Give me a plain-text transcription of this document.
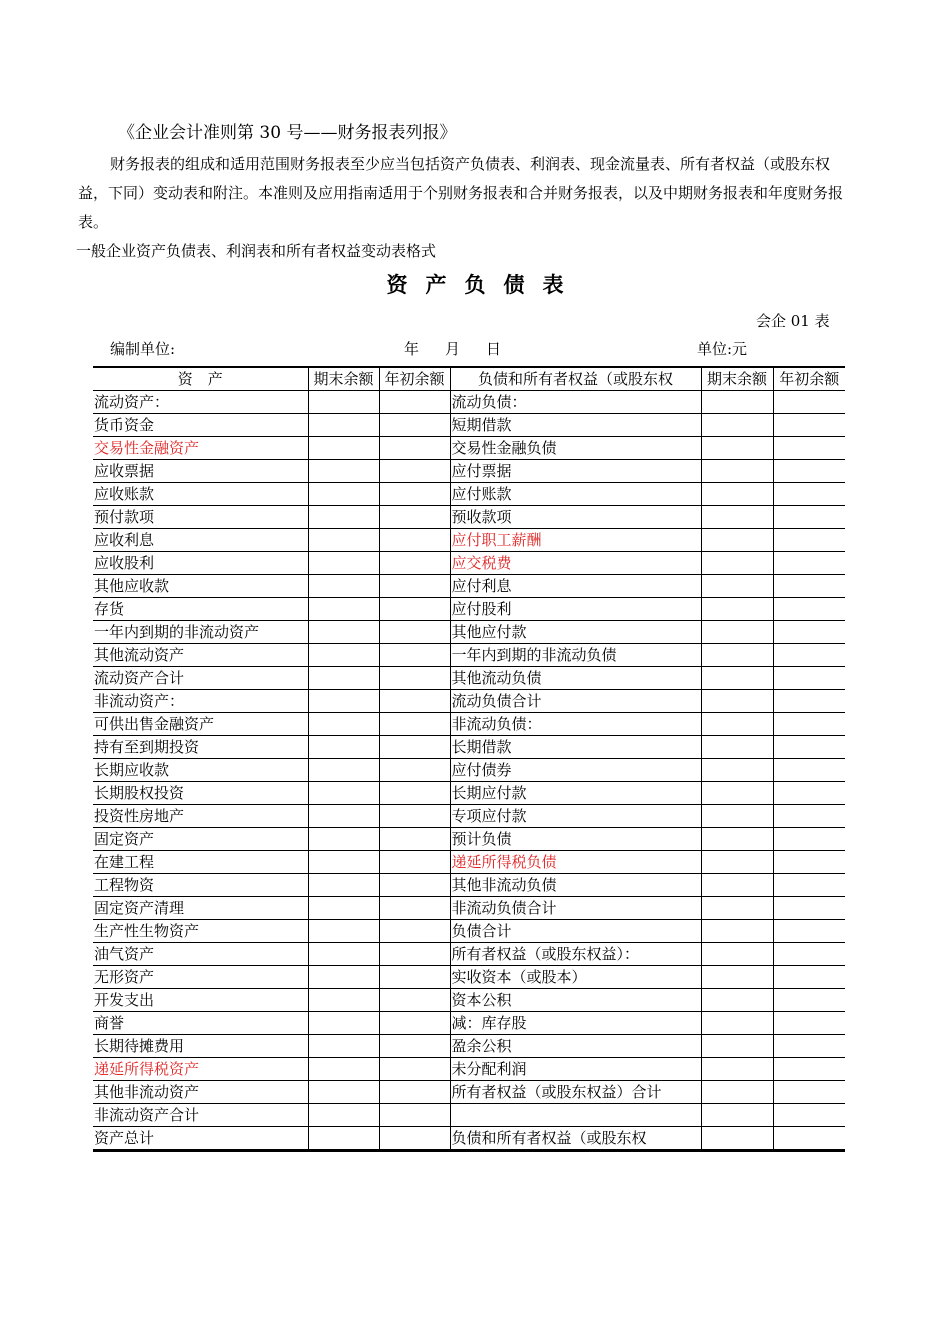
《企业会计准则第 30 号——财务报表列报》
财务报表的组成和适用范围财务报表至少应当包括资产负债表、利润表、现金流量表、所有者权益（或股东权益，下同）变动表和附注。本准则及应用指南适用于个别财务报表和合并财务报表，以及中期财务报表和年度财务报表。
一般企业资产负债表、利润表和所有者权益变动表格式
资产负债表
会企 01 表
编制单位:	年 月 日	单位:元
资　产	期末余额	年初余额	负债和所有者权益（或股东权	期末余额	年初余额
流动资产：			流动负债：		
货币资金			短期借款		
交易性金融资产			交易性金融负债		
应收票据			应付票据		
应收账款			应付账款		
预付款项			预收款项		
应收利息			应付职工薪酬		
应收股利			应交税费		
其他应收款			应付利息		
存货			应付股利		
一年内到期的非流动资产			其他应付款		
其他流动资产			一年内到期的非流动负债		
流动资产合计			其他流动负债		
非流动资产：			流动负债合计		
可供出售金融资产			非流动负债：		
持有至到期投资			长期借款		
长期应收款			应付债券		
长期股权投资			长期应付款		
投资性房地产			专项应付款		
固定资产			预计负债		
在建工程			递延所得税负债		
工程物资			其他非流动负债		
固定资产清理			非流动负债合计		
生产性生物资产			负债合计		
油气资产			所有者权益（或股东权益）：		
无形资产			实收资本（或股本）		
开发支出			资本公积		
商誉			减：库存股		
长期待摊费用			盈余公积		
递延所得税资产			未分配利润		
其他非流动资产			所有者权益（或股东权益）合计		
非流动资产合计					
资产总计			负债和所有者权益（或股东权		
